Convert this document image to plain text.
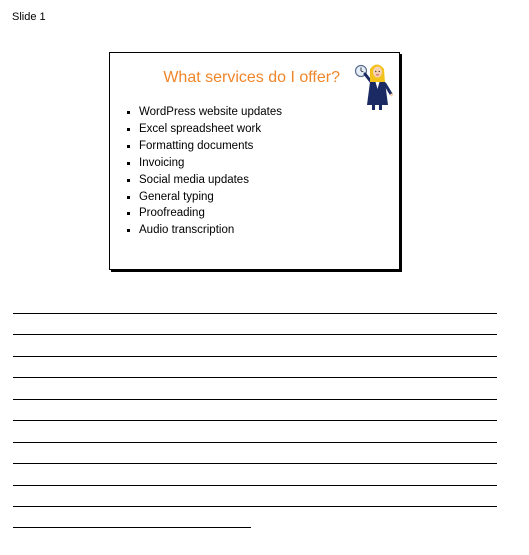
Slide 1
What services do I offer?
WordPress website updates
Excel spreadsheet work
Formatting documents
Invoicing
Social media updates
General typing
Proofreading
Audio transcription
